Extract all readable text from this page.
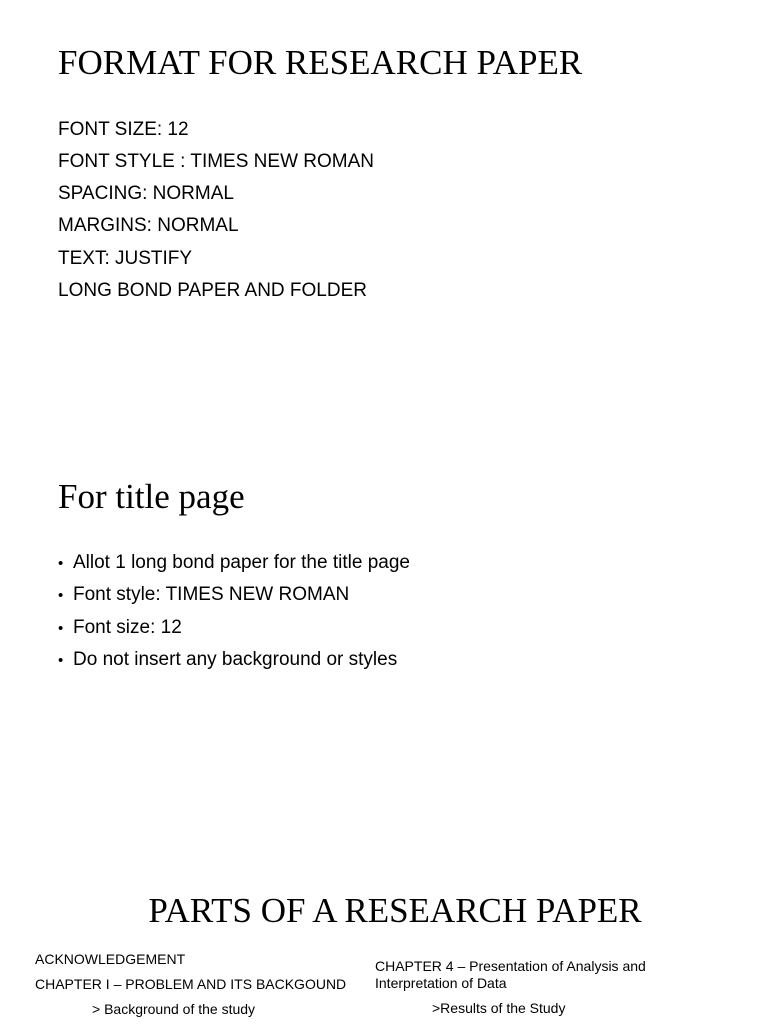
FORMAT FOR RESEARCH PAPER
FONT SIZE: 12
FONT STYLE : TIMES NEW ROMAN
SPACING: NORMAL
MARGINS: NORMAL
TEXT: JUSTIFY
LONG BOND PAPER AND FOLDER
For title page
• Allot 1 long bond paper for the title page
• Font style: TIMES NEW ROMAN
• Font size: 12
• Do not insert any background or styles
PARTS OF A RESEARCH PAPER
ACKNOWLEDGEMENT
CHAPTER I – PROBLEM AND ITS BACKGOUND
> Background of the study
CHAPTER 4 – Presentation of Analysis and
Interpretation of Data
>Results of the Study
